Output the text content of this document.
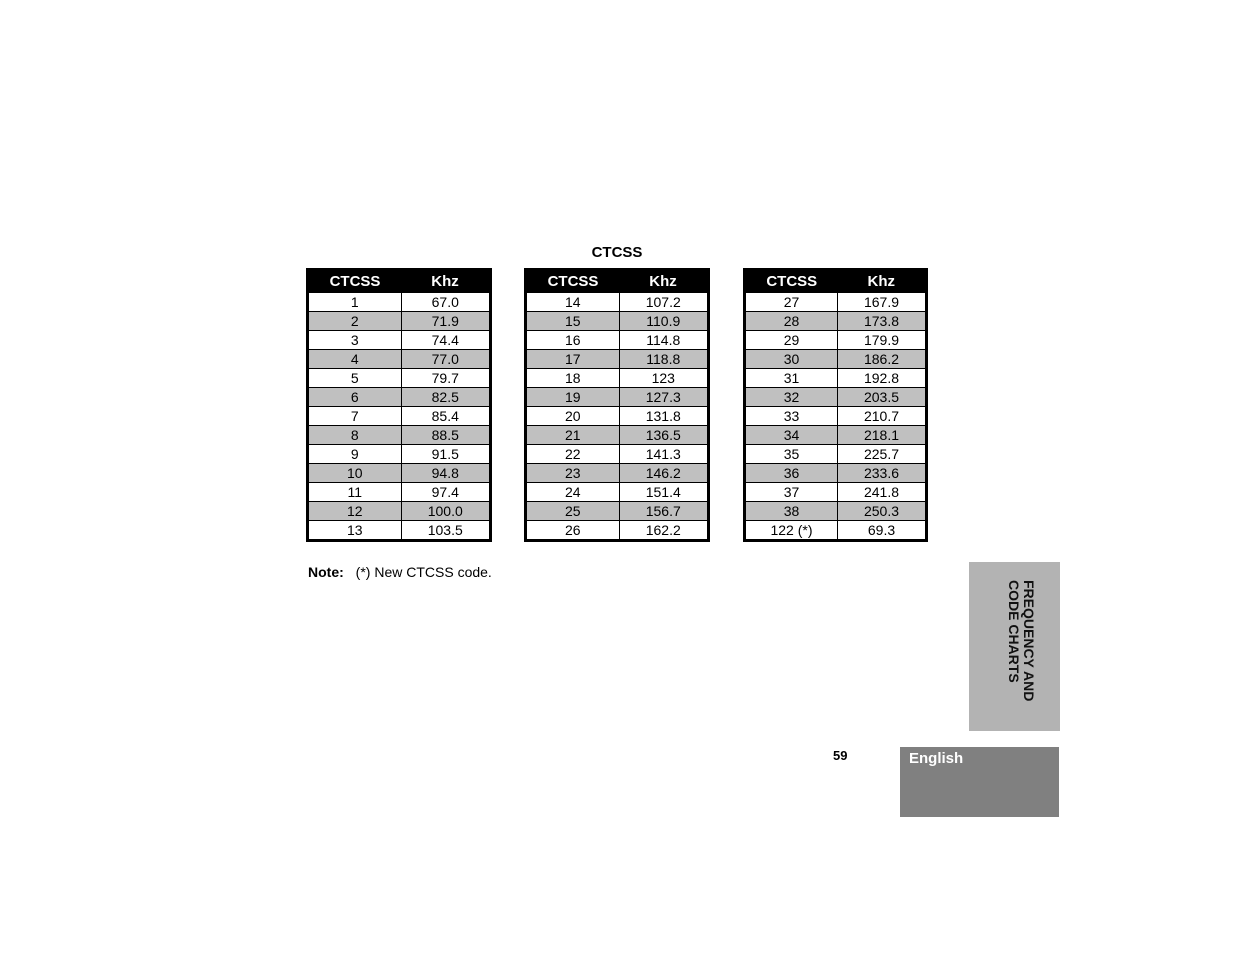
CTCSS
CTCSS	Khz
1	67.0
2	71.9
3	74.4
4	77.0
5	79.7
6	82.5
7	85.4
8	88.5
9	91.5
10	94.8
11	97.4
12	100.0
13	103.5
CTCSS	Khz
14	107.2
15	110.9
16	114.8
17	118.8
18	123
19	127.3
20	131.8
21	136.5
22	141.3
23	146.2
24	151.4
25	156.7
26	162.2
CTCSS	Khz
27	167.9
28	173.8
29	179.9
30	186.2
31	192.8
32	203.5
33	210.7
34	218.1
35	225.7
36	233.6
37	241.8
38	250.3
122 (*)	69.3
Note: (*) New CTCSS code.
FREQUENCY AND
CODE CHARTS
59	English
